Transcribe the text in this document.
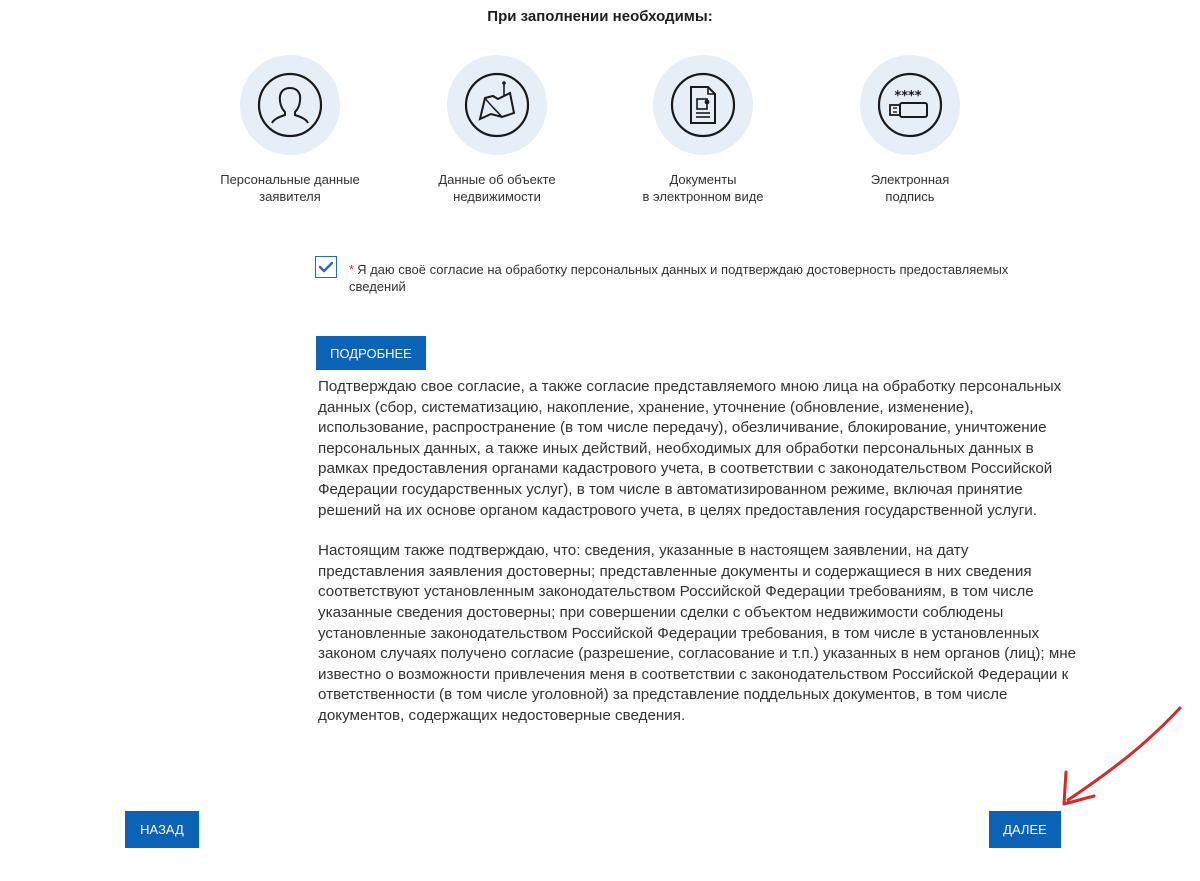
При заполнении необходимы:
Персональные данные
заявителя
Данные об объекте
недвижимости
Документы
в электронном виде
****
Электронная
подпись
* Я даю своё согласие на обработку персональных данных и подтверждаю достоверность предоставляемых сведений
ПОДРОБНЕЕ

Подтверждаю свое согласие, а также согласие представляемого мною лица на обработку персональных данных (сбор, систематизацию, накопление, хранение, уточнение (обновление, изменение), использование, распространение (в том числе передачу), обезличивание, блокирование, уничтожение персональных данных, а также иных действий, необходимых для обработки персональных данных в рамках предоставления органами кадастрового учета, в соответствии с законодательством Российской Федерации государственных услуг), в том числе в автоматизированном режиме, включая принятие решений на их основе органом кадастрового учета, в целях предоставления государственной услуги.

Настоящим также подтверждаю, что: сведения, указанные в настоящем заявлении, на дату представления заявления достоверны; представленные документы и содержащиеся в них сведения соответствуют установленным законодательством Российской Федерации требованиям, в том числе указанные сведения достоверны; при совершении сделки с объектом недвижимости соблюдены установленные законодательством Российской Федерации требования, в том числе в установленных законом случаях получено согласие (разрешение, согласование и т.п.) указанных в нем органов (лиц); мне известно о возможности привлечения меня в соответствии с законодательством Российской Федерации к ответственности (в том числе уголовной) за представление поддельных документов, в том числе документов, содержащих недостоверные сведения.

НАЗАД	ДАЛЕЕ
